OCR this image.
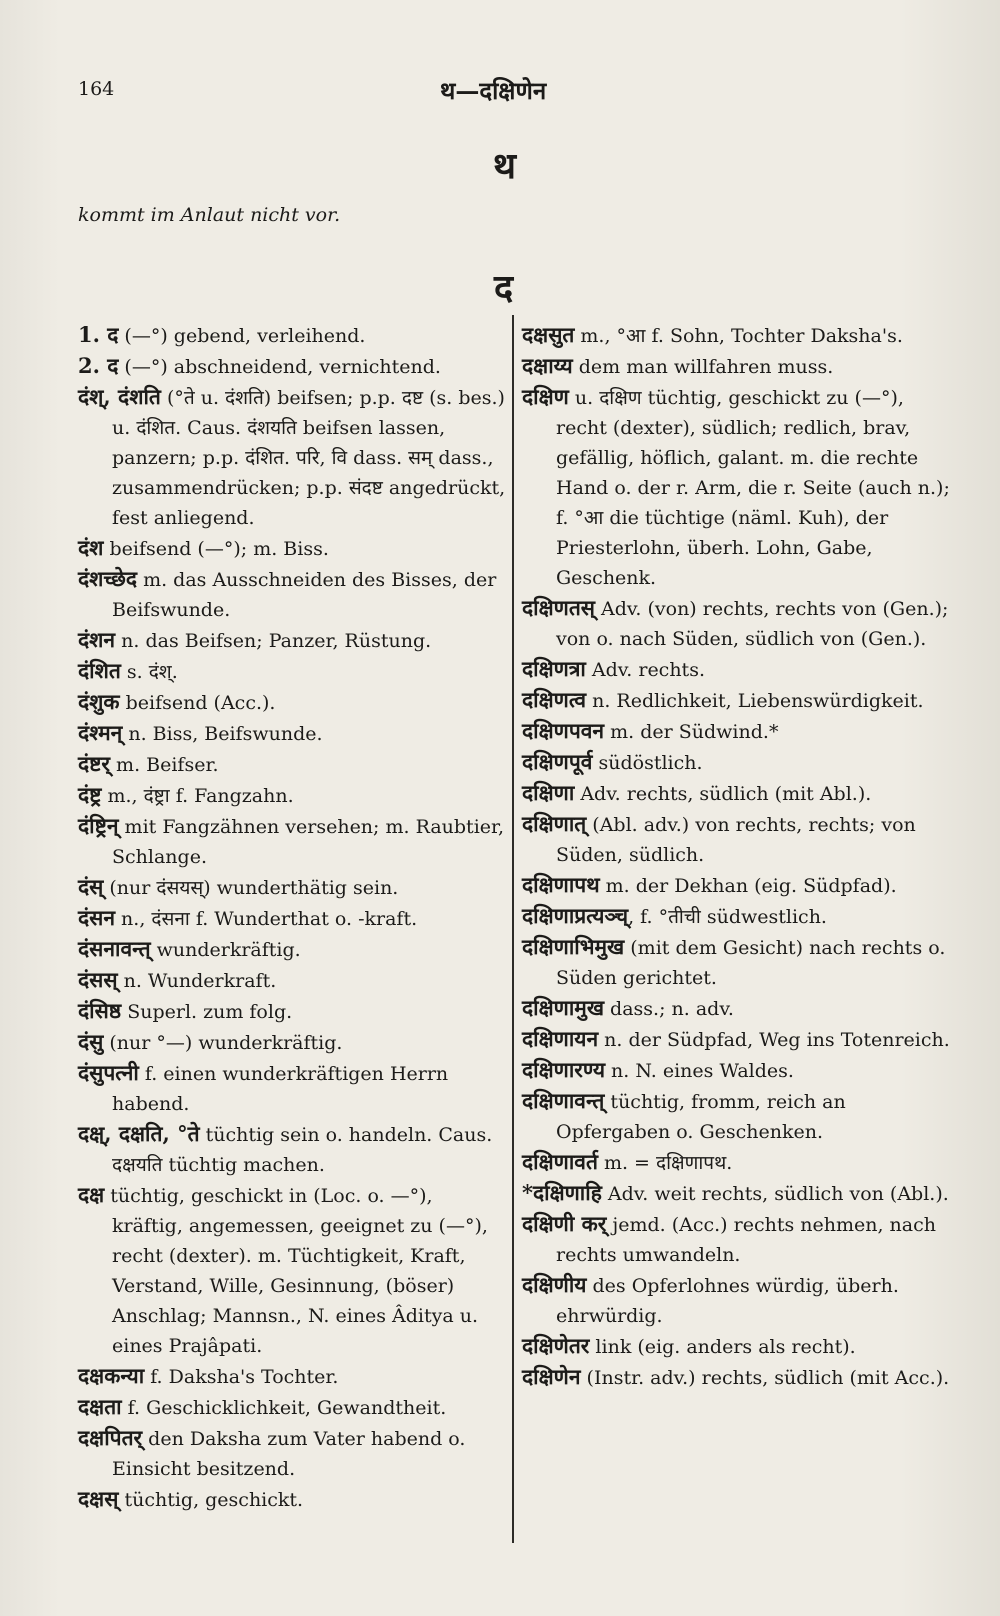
164	थ—दक्षिणेन
थ
kommt im Anlaut nicht vor.
द

1. द (—°) gebend, verleihend.

2. द (—°) abschneidend, vernichtend.

दंश्, दंशति (°ते u. दंशति) beifsen; p.p. दष्ट (s. bes.) u. दंशित. Caus. दंशयति beifsen lassen, panzern; p.p. दंशित. परि, वि dass. सम् dass., zusammendrücken; p.p. संदष्ट angedrückt, fest anliegend.

दंश beifsend (—°); m. Biss.

दंशच्छेद m. das Ausschneiden des Bisses, der Beifswunde.

दंशन n. das Beifsen; Panzer, Rüstung.

दंशित s. दंश्.

दंशुक beifsend (Acc.).

दंश्मन् n. Biss, Beifswunde.

दंष्टर् m. Beifser.

दंष्ट्र m., दंष्ट्रा f. Fangzahn.

दंष्ट्रिन् mit Fangzähnen versehen; m. Raubtier, Schlange.

दंस् (nur दंसयस्) wunderthätig sein.

दंसन n., दंसना f. Wunderthat o. -kraft.

दंसनावन्त् wunderkräftig.

दंसस् n. Wunderkraft.

दंसिष्ठ Superl. zum folg.

दंसु (nur °—) wunderkräftig.

दंसुपत्नी f. einen wunderkräftigen Herrn habend.

दक्ष्, दक्षति, °ते tüchtig sein o. handeln. Caus. दक्षयति tüchtig machen.

दक्ष tüchtig, geschickt in (Loc. o. —°), kräftig, angemessen, geeignet zu (—°), recht (dexter). m. Tüchtigkeit, Kraft, Verstand, Wille, Gesinnung, (böser) Anschlag; Mannsn., N. eines Âditya u. eines Prajâpati.

दक्षकन्या f. Daksha's Tochter.

दक्षता f. Geschicklichkeit, Gewandtheit.

दक्षपितर् den Daksha zum Vater habend o. Einsicht besitzend.

दक्षस् tüchtig, geschickt.

दक्षसुत m., °आ f. Sohn, Tochter Daksha's.

दक्षाय्य dem man willfahren muss.

दक्षिण u. दक्षिण tüchtig, geschickt zu (—°), recht (dexter), südlich; redlich, brav, gefällig, höflich, galant. m. die rechte Hand o. der r. Arm, die r. Seite (auch n.); f. °आ die tüchtige (näml. Kuh), der Priesterlohn, überh. Lohn, Gabe, Geschenk.

दक्षिणतस् Adv. (von) rechts, rechts von (Gen.); von o. nach Süden, südlich von (Gen.).

दक्षिणत्रा Adv. rechts.

दक्षिणत्व n. Redlichkeit, Liebenswürdigkeit.

दक्षिणपवन m. der Südwind.*

दक्षिणपूर्व südöstlich.

दक्षिणा Adv. rechts, südlich (mit Abl.).

दक्षिणात् (Abl. adv.) von rechts, rechts; von Süden, südlich.

दक्षिणापथ m. der Dekhan (eig. Südpfad).

दक्षिणाप्रत्यञ्च्, f. °तीची südwestlich.

दक्षिणाभिमुख (mit dem Gesicht) nach rechts o. Süden gerichtet.

दक्षिणामुख dass.; n. adv.

दक्षिणायन n. der Südpfad, Weg ins Totenreich.

दक्षिणारण्य n. N. eines Waldes.

दक्षिणावन्त् tüchtig, fromm, reich an Opfergaben o. Geschenken.

दक्षिणावर्त m. = दक्षिणापथ.

*दक्षिणाहि Adv. weit rechts, südlich von (Abl.).

दक्षिणी कर् jemd. (Acc.) rechts nehmen, nach rechts umwandeln.

दक्षिणीय des Opferlohnes würdig, überh. ehrwürdig.

दक्षिणेतर link (eig. anders als recht).

दक्षिणेन (Instr. adv.) rechts, südlich (mit Acc.).
